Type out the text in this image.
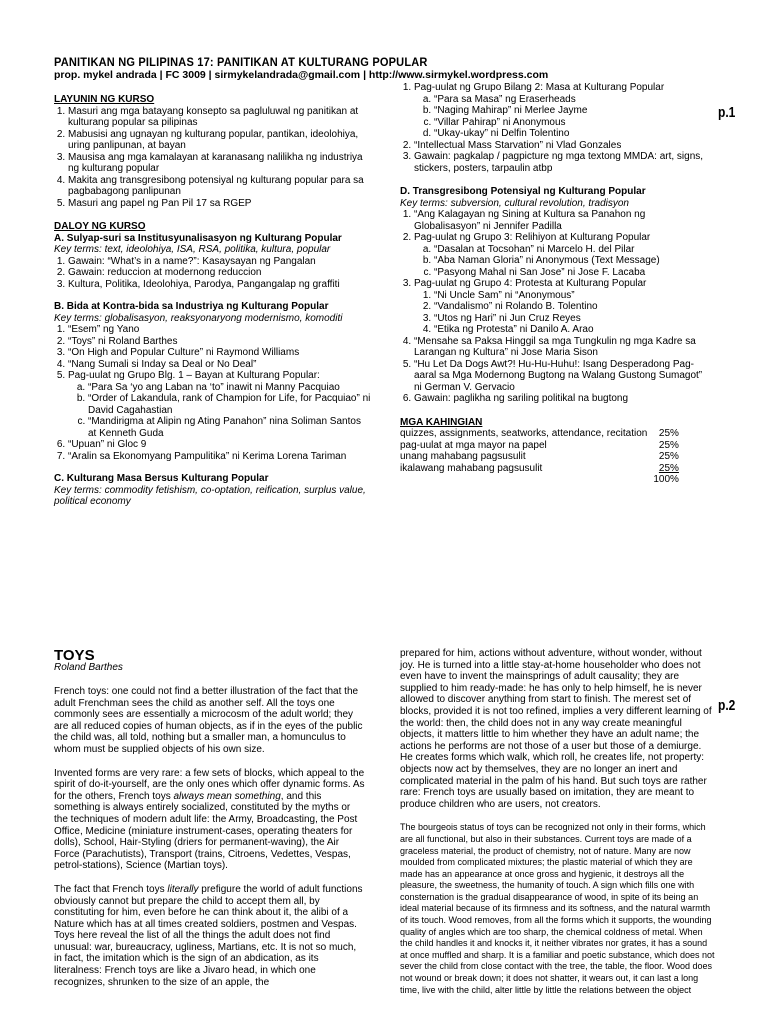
PANITIKAN NG PILIPINAS 17: PANITIKAN AT KULTURANG POPULAR
prop. mykel andrada | FC 3009 | sirmykelandrada@gmail.com | http://www.sirmykel.wordpress.com

LAYUNIN NG KURSO

1. Masuri ang mga batayang konsepto sa pagluluwal ng panitikan at kulturang popular sa pilipinas
2. Mabusisi ang ugnayan ng kulturang popular, pantikan, ideolohiya, uring panlipunan, at bayan
3. Mausisa ang mga kamalayan at karanasang nalilikha ng industriya ng kulturang popular
4. Makita ang transgresibong potensiyal ng kulturang popular para sa pagbabagong panlipunan
5. Masuri ang papel ng Pan Pil 17 sa RGEP

DALOY NG KURSO

A. Sulyap-suri sa Institusyunalisasyon ng Kulturang Popular

Key terms: text, ideolohiya, ISA, RSA, politika, kultura, popular

1. Gawain: “What’s in a name?”: Kasaysayan ng Pangalan
2. Gawain: reduccion at modernong reduccion
3. Kultura, Politika, Ideolohiya, Parodya, Pangangalap ng graffiti

B. Bida at Kontra-bida sa Industriya ng Kulturang Popular

Key terms: globalisasyon, reaksyonaryong modernismo, komoditi

1. “Esem” ng Yano
2. “Toys” ni Roland Barthes
3. “On High and Popular Culture” ni Raymond Williams
4. “Nang Sumali si Inday sa Deal or No Deal”
5. Pag-uulat ng Grupo Blg. 1 – Bayan at Kulturang Popular:
a. “Para Sa ‘yo ang Laban na ‘to” inawit ni Manny Pacquiao
b. “Order of Lakandula, rank of Champion for Life, for Pacquiao” ni David Cagahastian
c. “Mandirigma at Alipin ng Ating Panahon” nina Soliman Santos at Kenneth Guda
6. “Upuan” ni Gloc 9
7. “Aralin sa Ekonomyang Pampulitika” ni Kerima Lorena Tariman

C. Kulturang Masa Bersus Kulturang Popular

Key terms: commodity fetishism, co-optation, reification, surplus value, political economy

1. Pag-uulat ng Grupo Bilang 2: Masa at Kulturang Popular
a. “Para sa Masa” ng Eraserheads
b. “Naging Mahirap” ni Merlee Jayme
c. “Villar Pahirap” ni Anonymous
d. “Ukay-ukay” ni Delfin Tolentino
2. “Intellectual Mass Starvation” ni Vlad Gonzales
3. Gawain: pagkalap / pagpicture ng mga textong MMDA: art, signs, stickers, posters, tarpaulin atbp

D. Transgresibong Potensiyal ng Kulturang Popular

Key terms: subversion, cultural revolution, tradisyon

1. “Ang Kalagayan ng Sining at Kultura sa Panahon ng Globalisasyon” ni Jennifer Padilla
2. Pag-uulat ng Grupo 3: Relihiyon at Kulturang Popular
a. “Dasalan at Tocsohan” ni Marcelo H. del Pilar
b. “Aba Naman Gloria” ni Anonymous (Text Message)
c. “Pasyong Mahal ni San Jose” ni Jose F. Lacaba
3. Pag-uulat ng Grupo 4: Protesta at Kulturang Popular
1. “Ni Uncle Sam” ni “Anonymous”
2. “Vandalismo” ni Rolando B. Tolentino
3. “Utos ng Hari” ni Jun Cruz Reyes
4. “Etika ng Protesta” ni Danilo A. Arao
4. “Mensahe sa Paksa Hinggil sa mga Tungkulin ng mga Kadre sa Larangan ng Kultura” ni Jose Maria Sison
5. “Hu Let Da Dogs Awt?! Hu-Hu-Huhu!: Isang Desperadong Pag-aaral sa Mga Modernong Bugtong na Walang Gustong Sumagot” ni German V. Gervacio
6. Gawain: paglikha ng sariling politikal na bugtong

MGA KAHINGIAN

quizzes, assignments, seatworks, attendance, recitation	25%
pag-uulat at mga mayor na papel	25%
unang mahabang pagsusulit	25%
ikalawang mahabang pagsusulit	25%
	100%
p.1
TOYS
Roland Barthes

French toys: one could not find a better illustration of the fact that the adult Frenchman sees the child as another self. All the toys one commonly sees are essentially a microcosm of the adult world; they are all reduced copies of human objects, as if in the eyes of the public the child was, all told, nothing but a smaller man, a homunculus to whom must be supplied objects of his own size.

Invented forms are very rare: a few sets of blocks, which appeal to the spirit of do-it-yourself, are the only ones which offer dynamic forms. As for the others, French toys always mean something, and this something is always entirely socialized, constituted by the myths or the techniques of modern adult life: the Army, Broadcasting, the Post Office, Medicine (miniature instrument-cases, operating theaters for dolls), School, Hair-Styling (driers for permanent-waving), the Air Force (Parachutists), Transport (trains, Citroens, Vedettes, Vespas, petrol-stations), Science (Martian toys).

The fact that French toys literally prefigure the world of adult functions obviously cannot but prepare the child to accept them all, by constituting for him, even before he can think about it, the alibi of a Nature which has at all times created soldiers, postmen and Vespas. Toys here reveal the list of all the things the adult does not find unusual: war, bureaucracy, ugliness, Martians, etc. It is not so much, in fact, the imitation which is the sign of an abdication, as its literalness: French toys are like a Jivaro head, in which one recognizes, shrunken to the size of an apple, the

prepared for him, actions without adventure, without wonder, without joy. He is turned into a little stay-at-home householder who does not even have to invent the mainsprings of adult causality; they are supplied to him ready-made: he has only to help himself, he is never allowed to discover anything from start to finish. The merest set of blocks, provided it is not too refined, implies a very different learning of the world: then, the child does not in any way create meaningful objects, it matters little to him whether they have an adult name; the actions he performs are not those of a user but those of a demiurge. He creates forms which walk, which roll, he creates life, not property: objects now act by themselves, they are no longer an inert and complicated material in the palm of his hand. But such toys are rather rare: French toys are usually based on imitation, they are meant to produce children who are users, not creators.

The bourgeois status of toys can be recognized not only in their forms, which are all functional, but also in their substances. Current toys are made of a graceless material, the product of chemistry, not of nature. Many are now moulded from complicated mixtures; the plastic material of which they are made has an appearance at once gross and hygienic, it destroys all the pleasure, the sweetness, the humanity of touch. A sign which fills one with consternation is the gradual disappearance of wood, in spite of its being an ideal material because of its firmness and its softness, and the natural warmth of its touch. Wood removes, from all the forms which it supports, the wounding quality of angles which are too sharp, the chemical coldness of metal. When the child handles it and knocks it, it neither vibrates nor grates, it has a sound at once muffled and sharp. It is a familiar and poetic substance, which does not sever the child from close contact with the tree, the table, the floor. Wood does not wound or break down; it does not shatter, it wears out, it can last a long time, live with the child, alter little by little the relations between the object

p.2
